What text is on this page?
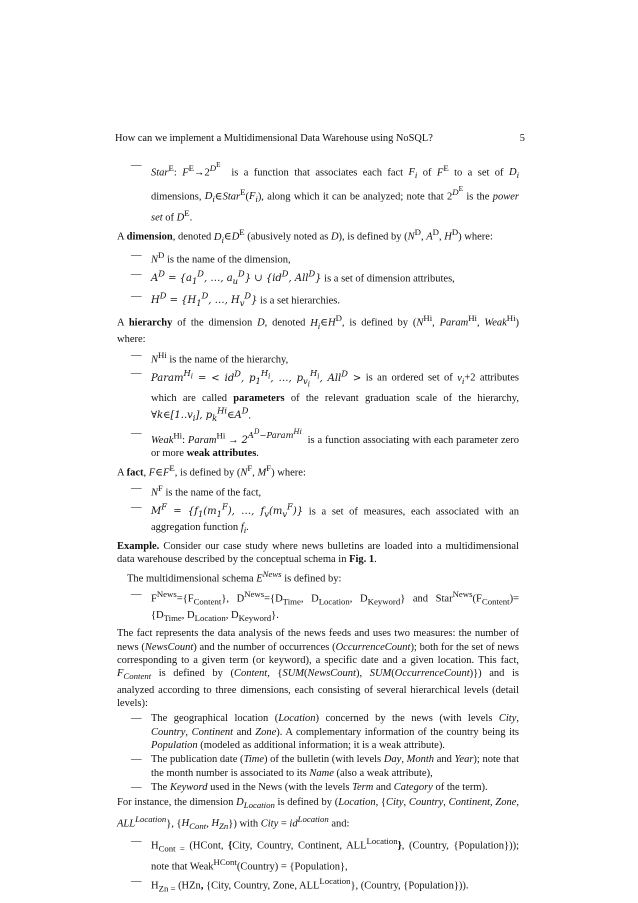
How can we implement a Multidimensional Data Warehouse using NoSQL?	5
— Star$^E$: $F^E\to 2DE$  is a function that associates each fact $F_i$ of $F^E$ to a set of $D_i$ dimensions, $D_i\in Star^E(F_i)$, along which it can be analyzed; note that 2DE is the power set of $D^E$.

A dimension, denoted $D_i\in D^E$ (abusively noted as D), is defined by ($N^D$, $A^D$, $H^D$) where:

— $N^D$ is the name of the dimension,
— $A^D = \{a_1^D$, …, $a_u^D$} ∪ {$id^D$, All$^D$} is a set of dimension attributes,
— $H^D = \{H_1^D$, …, $H_v^D$} is a set hierarchies.

A hierarchy of the dimension D, denoted $H_i\in H^D$, is defined by ($N^{Hi}$, Param$^{Hi}$, Weak$^{Hi}$) where:

— $N^{Hi}$ is the name of the hierarchy,
— Param$^{H_i}$ = < $id^D$, $p_1^{H_i}$, …, $p_{v_i}^{H_i}$, All$^D$ > is an ordered set of $v_i+2$ attributes which are called parameters of the relevant graduation scale of the hierarchy, $\forall k\in[1..v_i]$, $p_k^{Hi}\in A^D$.
— Weak$^{Hi}$: Param$^{Hi}$ → $2^{A^D-Param^{Hi}}$  is a function associating with each parameter zero or more weak attributes.

A fact, $F\in F^E$, is defined by ($N^F$, $M^F$) where:

— $N^F$ is the name of the fact,
— $M^F = \{f_1(m_1^F)$, …, $f_v(m_v^F)$} is a set of measures, each associated with an aggregation function $f_i$.

Example. Consider our case study where news bulletins are loaded into a multidimensional data warehouse described by the conceptual schema in Fig. 1.

The multidimensional schema $E^{News}$ is defined by:

— $F^{News}=\{F_{Content}\}$, $D^{News}=\{D_{Time}$, $D_{Location}$, $D_{Keyword}$} and $Star^{News}(F_{Content})=\{D_{Time}$, $D_{Location}$, $D_{Keyword}$}.

The fact represents the data analysis of the news feeds and uses two measures: the number of news (NewsCount) and the number of occurrences (OccurrenceCount); both for the set of news corresponding to a given term (or keyword), a specific date and a given location. This fact, $F_{Content}$ is defined by (Content, {SUM(NewsCount), SUM(OccurrenceCount)}) and is analyzed according to three dimensions, each consisting of several hierarchical levels (detail levels):

— The geographical location (Location) concerned by the news (with levels City, Country, Continent and Zone). A complementary information of the country being its Population (modeled as additional information; it is a weak attribute).
— The publication date (Time) of the bulletin (with levels Day, Month and Year); note that the month number is associated to its Name (also a weak attribute),
— The Keyword used in the News (with the levels Term and Category of the term).

For instance, the dimension $D_{Location}$ is defined by (Location, {City, Country, Continent, Zone, $ALL^{Location}$}, {$H_{Cont}$, $H_{Zn}$}) with City = $id^{Location}$ and:

— $H_{Cont =}$ (HCont, {City, Country, Continent, $ALL^{Location}$}, (Country, {Population})); note that Weak$^{HCont}$(Country) = {Population},
— $H_{Zn =}$ (HZn, {City, Country, Zone, $ALL^{Location}$}, (Country, {Population})).
